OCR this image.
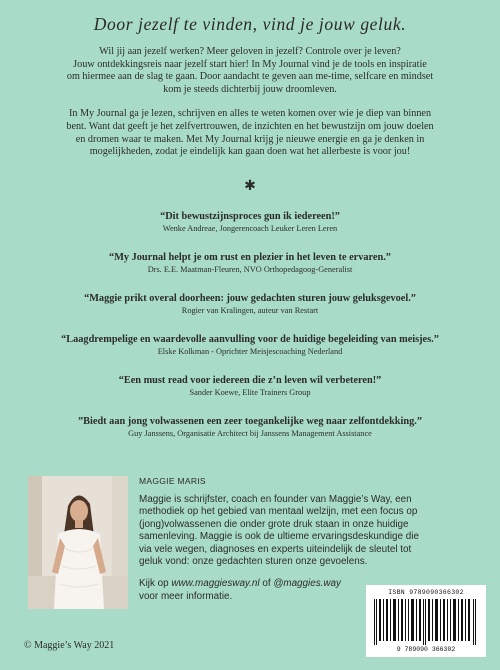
Door jezelf te vinden, vind je jouw geluk.

Wil jij aan jezelf werken? Meer geloven in jezelf? Controle over je leven?
Jouw ontdekkingsreis naar jezelf start hier! In My Journal vind je de tools en inspiratie
om hiermee aan de slag te gaan. Door aandacht te geven aan me-time, selfcare en mindset
kom je steeds dichterbij jouw droomleven.

In My Journal ga je lezen, schrijven en alles te weten komen over wie je diep van binnen
bent. Want dat geeft je het zelfvertrouwen, de inzichten en het bewustzijn om jouw doelen
en dromen waar te maken. Met My Journal krijg je nieuwe energie en ga je denken in
mogelijkheden, zodat je eindelijk kan gaan doen wat het allerbeste is voor jou!

✱
“Dit bewustzijnsproces gun ik iedereen!”
Wenke Andreae, Jongerencoach Leuker Leren Leren
“My Journal helpt je om rust en plezier in het leven te ervaren.”
Drs. E.E. Maatman-Fleuren, NVO Orthopedagoog-Generalist
“Maggie prikt overal doorheen: jouw gedachten sturen jouw geluksgevoel.”
Rogier van Kralingen, auteur van Restart
“Laagdrempelige en waardevolle aanvulling voor de huidige begeleiding van meisjes.”
Elske Kolkman - Oprichter Meisjescoaching Nederland
“Een must read voor iedereen die z’n leven wil verbeteren!”
Sander Koewe, Elite Trainers Group
”Biedt aan jong volwassenen een zeer toegankelijke weg naar zelfontdekking.”
Guy Janssens, Organisatie Architect bij Janssens Management Assistance
MAGGIE MARIS

Maggie is schrijfster, coach en founder van Maggie’s Way, een
methodiek op het gebied van mentaal welzijn, met een focus op
(jong)volwassenen die onder grote druk staan in onze huidige
samenleving. Maggie is ook de ultieme ervaringsdeskundige die
via vele wegen, diagnoses en experts uiteindelijk de sleutel tot
geluk vond: onze gedachten sturen onze gevoelens.

Kijk op www.maggiesway.nl of @maggies.way
voor meer informatie.

© Maggie’s Way 2021
ISBN 9789090366302
9 789090 366302
